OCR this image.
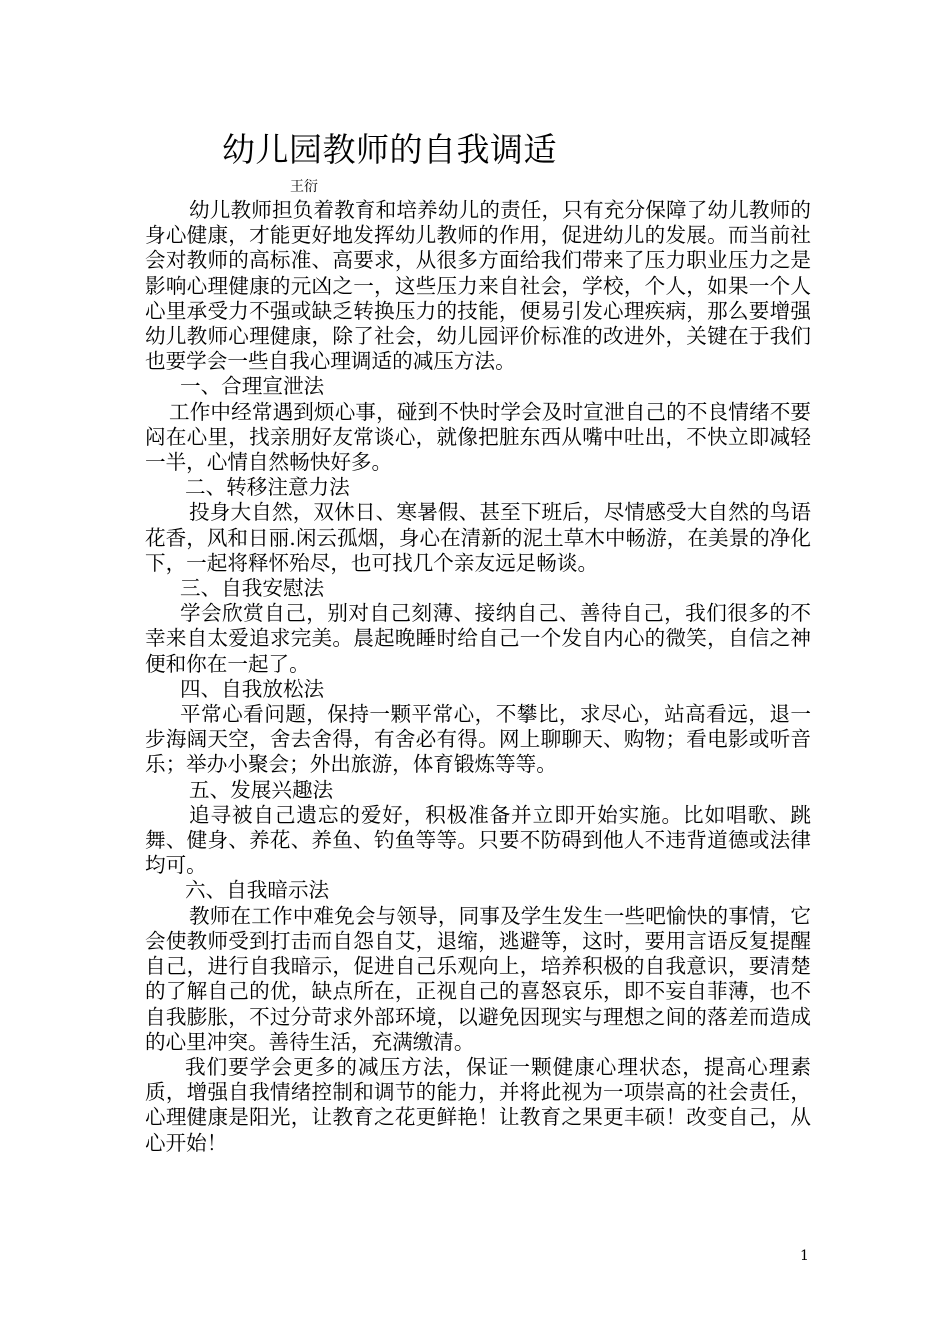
幼儿园教师的自我调适
王衍

幼儿教师担负着教育和培养幼儿的责任，只有充分保障了幼儿教师的身心健康，才能更好地发挥幼儿教师的作用，促进幼儿的发展。而当前社会对教师的高标准、高要求，从很多方面给我们带来了压力职业压力之是影响心理健康的元凶之一，这些压力来自社会，学校，个人，如果一个人心里承受力不强或缺乏转换压力的技能，便易引发心理疾病，那么要增强幼儿教师心理健康，除了社会，幼儿园评价标准的改进外，关键在于我们也要学会一些自我心理调适的减压方法。

一、合理宣泄法

工作中经常遇到烦心事，碰到不快时学会及时宣泄自己的不良情绪不要闷在心里，找亲朋好友常谈心，就像把脏东西从嘴中吐出，不快立即减轻一半，心情自然畅快好多。

二、转移注意力法

投身大自然，双休日、寒暑假、甚至下班后，尽情感受大自然的鸟语花香，风和日丽.闲云孤烟，身心在清新的泥土草木中畅游，在美景的净化下，一起将释怀殆尽，也可找几个亲友远足畅谈。

三、自我安慰法

学会欣赏自己，别对自己刻薄、接纳自己、善待自己，我们很多的不幸来自太爱追求完美。晨起晚睡时给自己一个发自内心的微笑，自信之神便和你在一起了。

四、自我放松法

平常心看问题，保持一颗平常心，不攀比，求尽心，站高看远，退一步海阔天空，舍去舍得，有舍必有得。网上聊聊天、购物；看电影或听音乐；举办小聚会；外出旅游，体育锻炼等等。

五、发展兴趣法

追寻被自己遗忘的爱好，积极准备并立即开始实施。比如唱歌、跳舞、健身、养花、养鱼、钓鱼等等。只要不防碍到他人不违背道德或法律均可。

六、自我暗示法

教师在工作中难免会与领导，同事及学生发生一些吧愉快的事情，它会使教师受到打击而自怨自艾，退缩，逃避等，这时，要用言语反复提醒自己，进行自我暗示，促进自己乐观向上，培养积极的自我意识，要清楚的了解自己的优，缺点所在，正视自己的喜怒哀乐，即不妄自菲薄，也不自我膨胀，不过分苛求外部环境，以避免因现实与理想之间的落差而造成的心里冲突。善待生活，充满缴清。

我们要学会更多的减压方法，保证一颗健康心理状态，提高心理素质，增强自我情绪控制和调节的能力，并将此视为一项崇高的社会责任，心理健康是阳光，让教育之花更鲜艳！让教育之果更丰硕！改变自己，从心开始！

1
